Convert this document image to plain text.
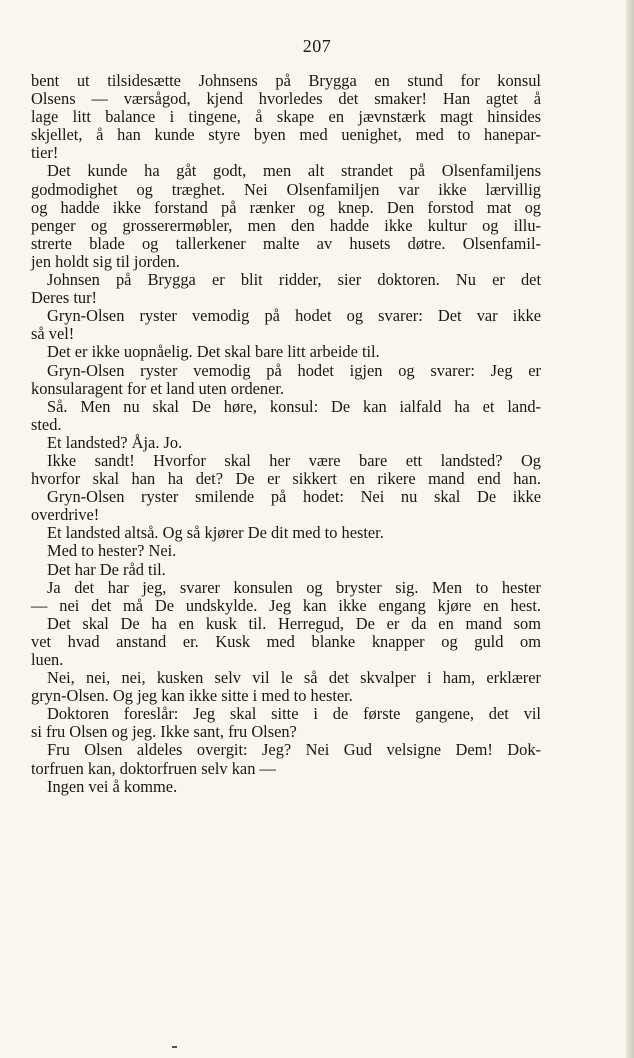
207
bent ut tilsidesætte Johnsens på Brygga en stund for konsul
Olsens — værsågod, kjend hvorledes det smaker! Han agtet å
lage litt balance i tingene, å skape en jævnstærk magt hinsides
skjellet, å han kunde styre byen med uenighet, med to hanepar-
tier!
Det kunde ha gåt godt, men alt strandet på Olsenfamiljens
godmodighet og træghet. Nei Olsenfamiljen var ikke lærvillig
og hadde ikke forstand på rænker og knep. Den forstod mat og
penger og grosserermøbler, men den hadde ikke kultur og illu-
strerte blade og tallerkener malte av husets døtre. Olsenfamil-
jen holdt sig til jorden.
Johnsen på Brygga er blit ridder, sier doktoren. Nu er det
Deres tur!
Gryn-Olsen ryster vemodig på hodet og svarer: Det var ikke
så vel!
Det er ikke uopnåelig. Det skal bare litt arbeide til.
Gryn-Olsen ryster vemodig på hodet igjen og svarer: Jeg er
konsularagent for et land uten ordener.
Så. Men nu skal De høre, konsul: De kan ialfald ha et land-
sted.
Et landsted? Åja. Jo.
Ikke sandt! Hvorfor skal her være bare ett landsted? Og
hvorfor skal han ha det? De er sikkert en rikere mand end han.
Gryn-Olsen ryster smilende på hodet: Nei nu skal De ikke
overdrive!
Et landsted altså. Og så kjører De dit med to hester.
Med to hester? Nei.
Det har De råd til.
Ja det har jeg, svarer konsulen og bryster sig. Men to hester
— nei det må De undskylde. Jeg kan ikke engang kjøre en hest.
Det skal De ha en kusk til. Herregud, De er da en mand som
vet hvad anstand er. Kusk med blanke knapper og guld om
luen.
Nei, nei, nei, kusken selv vil le så det skvalper i ham, erklærer
gryn-Olsen. Og jeg kan ikke sitte i med to hester.
Doktoren foreslår: Jeg skal sitte i de første gangene, det vil
si fru Olsen og jeg. Ikke sant, fru Olsen?
Fru Olsen aldeles overgit: Jeg? Nei Gud velsigne Dem! Dok-
torfruen kan, doktorfruen selv kan —
Ingen vei å komme.
